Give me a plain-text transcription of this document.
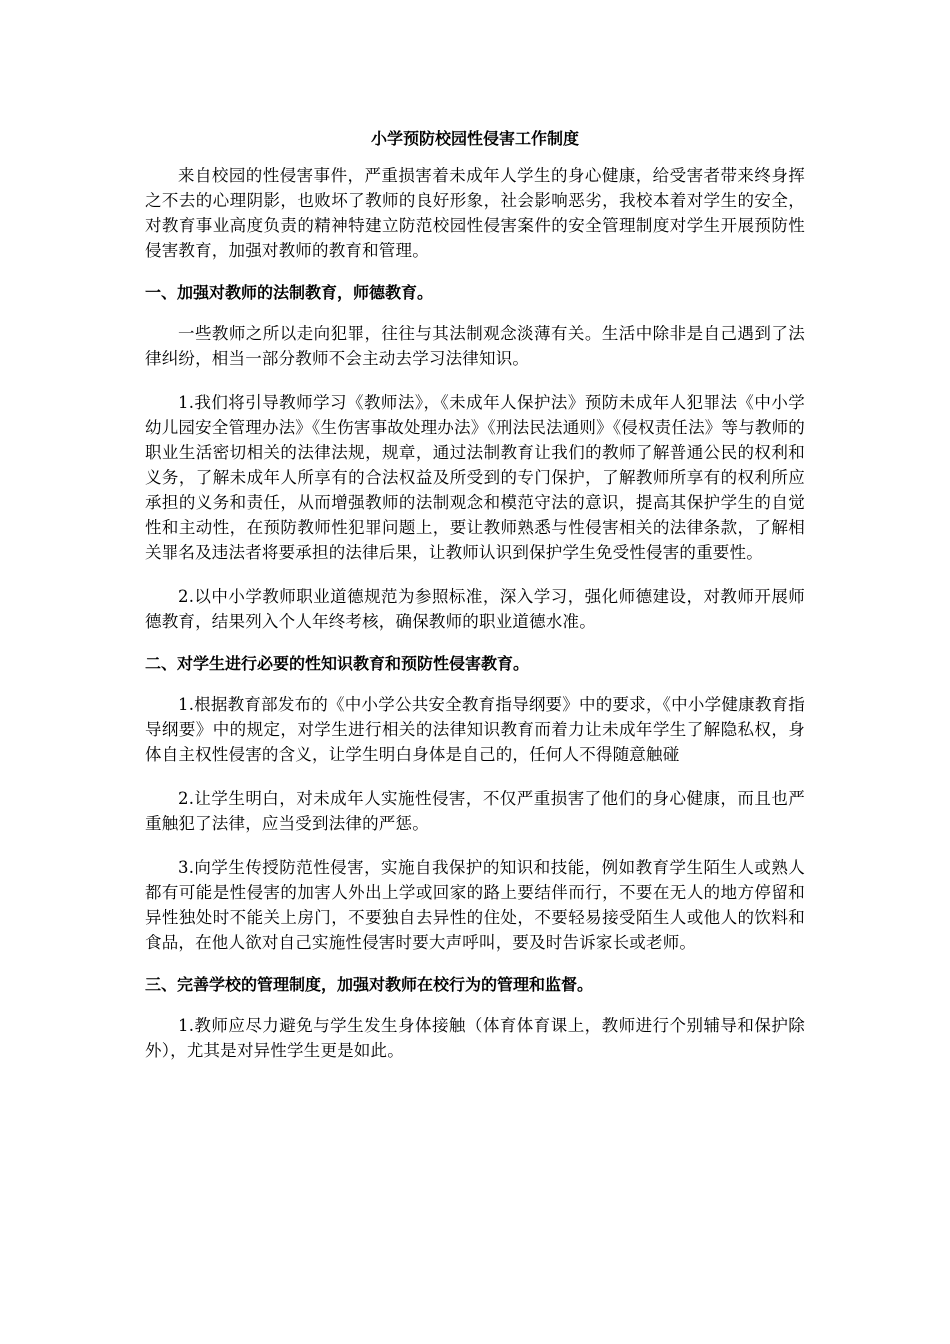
小学预防校园性侵害工作制度

来自校园的性侵害事件，严重损害着未成年人学生的身心健康，给受害者带来终身挥之不去的心理阴影，也败坏了教师的良好形象，社会影响恶劣，我校本着对学生的安全，对教育事业高度负责的精神特建立防范校园性侵害案件的安全管理制度对学生开展预防性侵害教育，加强对教师的教育和管理。

一、加强对教师的法制教育，师德教育。

一些教师之所以走向犯罪，往往与其法制观念淡薄有关。生活中除非是自己遇到了法律纠纷，相当一部分教师不会主动去学习法律知识。

1.我们将引导教师学习《教师法》，《未成年人保护法》预防未成年人犯罪法《中小学幼儿园安全管理办法》《生伤害事故处理办法》《刑法民法通则》《侵权责任法》等与教师的职业生活密切相关的法律法规，规章，通过法制教育让我们的教师了解普通公民的权利和义务，了解未成年人所享有的合法权益及所受到的专门保护，了解教师所享有的权利所应承担的义务和责任，从而增强教师的法制观念和模范守法的意识，提高其保护学生的自觉性和主动性，在预防教师性犯罪问题上，要让教师熟悉与性侵害相关的法律条款，了解相关罪名及违法者将要承担的法律后果，让教师认识到保护学生免受性侵害的重要性。

2.以中小学教师职业道德规范为参照标准，深入学习，强化师德建设，对教师开展师德教育，结果列入个人年终考核，确保教师的职业道德水准。

二、对学生进行必要的性知识教育和预防性侵害教育。

1.根据教育部发布的《中小学公共安全教育指导纲要》中的要求，《中小学健康教育指导纲要》中的规定，对学生进行相关的法律知识教育而着力让未成年学生了解隐私权，身体自主权性侵害的含义，让学生明白身体是自己的，任何人不得随意触碰

2.让学生明白，对未成年人实施性侵害，不仅严重损害了他们的身心健康，而且也严重触犯了法律，应当受到法律的严惩。

3.向学生传授防范性侵害，实施自我保护的知识和技能，例如教育学生陌生人或熟人都有可能是性侵害的加害人外出上学或回家的路上要结伴而行，不要在无人的地方停留和异性独处时不能关上房门，不要独自去异性的住处，不要轻易接受陌生人或他人的饮料和食品，在他人欲对自己实施性侵害时要大声呼叫，要及时告诉家长或老师。

三、完善学校的管理制度，加强对教师在校行为的管理和监督。

1.教师应尽力避免与学生发生身体接触（体育体育课上，教师进行个别辅导和保护除外），尤其是对异性学生更是如此。
